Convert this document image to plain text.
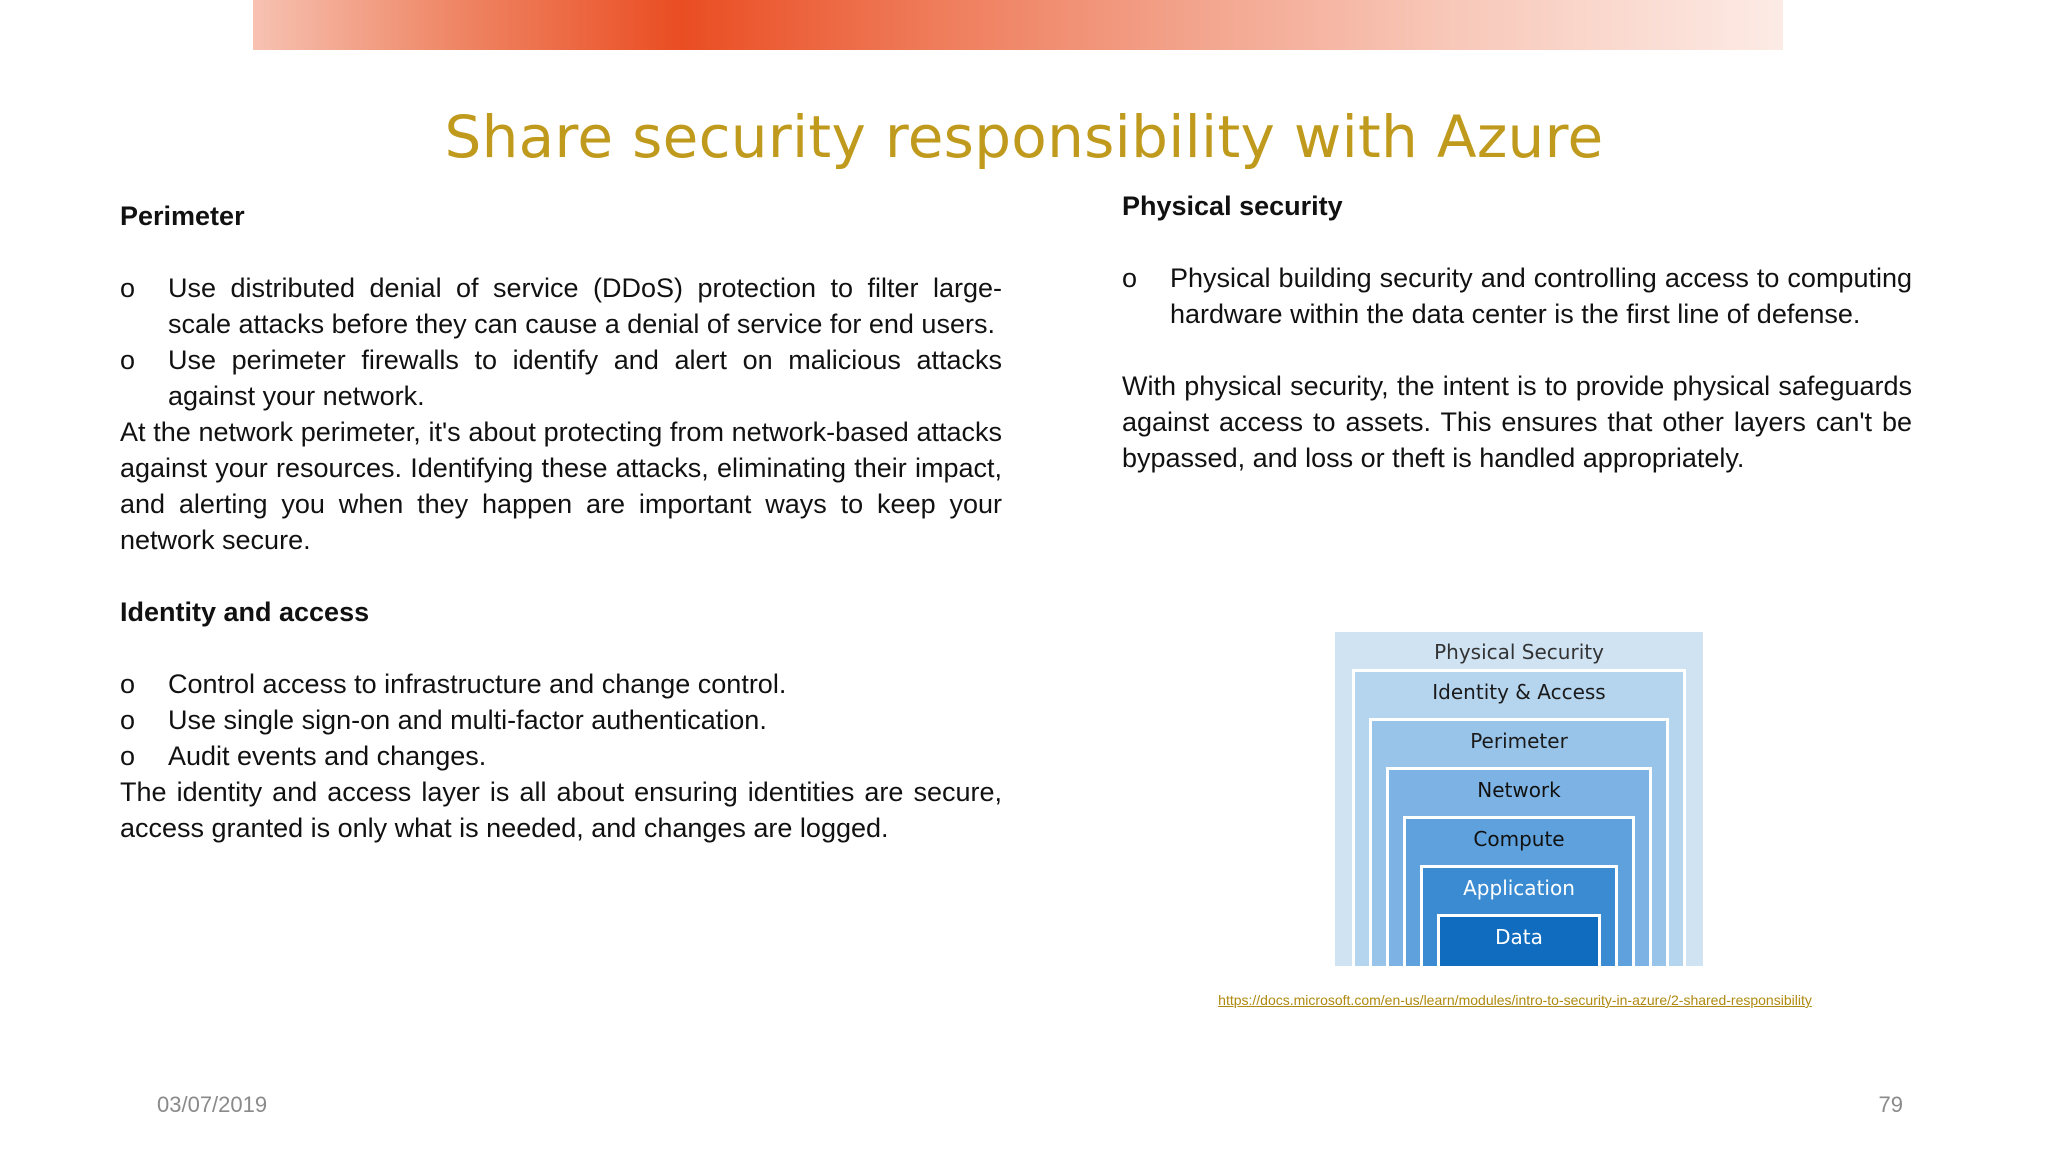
Share security responsibility with Azure

Perimeter

o	Use distributed denial of service (DDoS) protection to filter large-scale attacks before they can cause a denial of service for end users.
o	Use perimeter firewalls to identify and alert on malicious attacks against your network.

At the network perimeter, it's about protecting from network-based attacks against your resources. Identifying these attacks, eliminating their impact, and alerting you when they happen are important ways to keep your network secure.

Identity and access

o	Control access to infrastructure and change control.
o	Use single sign-on and multi-factor authentication.
o	Audit events and changes.

The identity and access layer is all about ensuring identities are secure, access granted is only what is needed, and changes are logged.

Physical security

o	Physical building security and controlling access to computing hardware within the data center is the first line of defense.

With physical security, the intent is to provide physical safeguards against access to assets. This ensures that other layers can't be bypassed, and loss or theft is handled appropriately.

Physical Security
Identity & Access
Perimeter
Network
Compute
Application
Data
https://docs.microsoft.com/en-us/learn/modules/intro-to-security-in-azure/2-shared-responsibility
03/07/2019	79
